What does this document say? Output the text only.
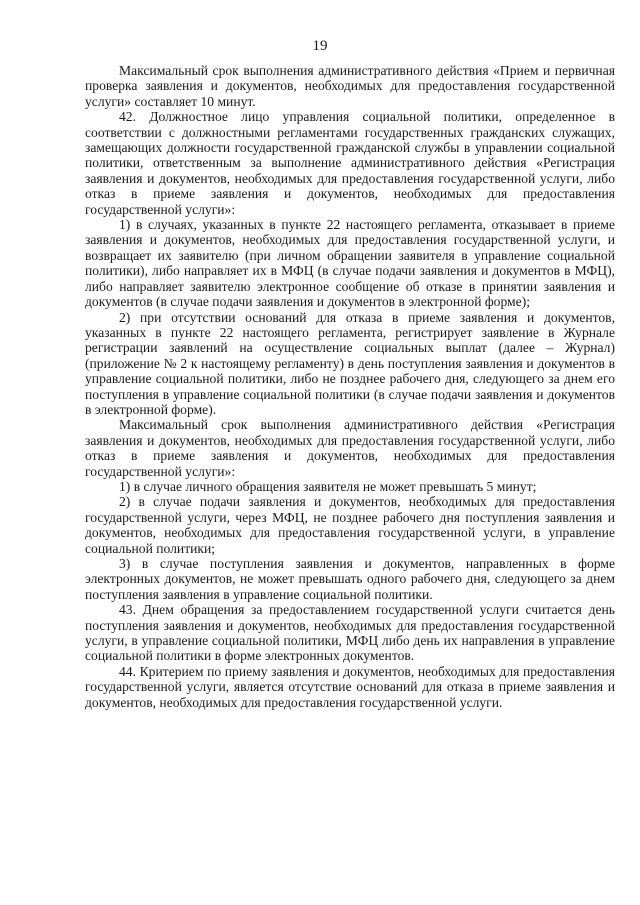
19

Максимальный срок выполнения административного действия «Прием и первичная проверка заявления и документов, необходимых для предоставления государственной услуги» составляет 10 минут.

42. Должностное лицо управления социальной политики, определенное в соответствии с должностными регламентами государственных гражданских служащих, замещающих должности государственной гражданской службы в управлении социальной политики, ответственным за выполнение административного действия «Регистрация заявления и документов, необходимых для предоставления государственной услуги, либо отказ в приеме заявления и документов, необходимых для предоставления государственной услуги»:

1) в случаях, указанных в пункте 22 настоящего регламента, отказывает в приеме заявления и документов, необходимых для предоставления государственной услуги, и возвращает их заявителю (при личном обращении заявителя в управление социальной политики), либо направляет их в МФЦ (в случае подачи заявления и документов в МФЦ), либо направляет заявителю электронное сообщение об отказе в принятии заявления и документов (в случае подачи заявления и документов в электронной форме);

2) при отсутствии оснований для отказа в приеме заявления и документов, указанных в пункте 22 настоящего регламента, регистрирует заявление в Журнале регистрации заявлений на осуществление социальных выплат (далее – Журнал) (приложение № 2 к настоящему регламенту) в день поступления заявления и документов в управление социальной политики, либо не позднее рабочего дня, следующего за днем его поступления в управление социальной политики (в случае подачи заявления и документов в электронной форме).

Максимальный срок выполнения административного действия «Регистрация заявления и документов, необходимых для предоставления государственной услуги, либо отказ в приеме заявления и документов, необходимых для предоставления государственной услуги»:

1) в случае личного обращения заявителя не может превышать 5 минут;

2) в случае подачи заявления и документов, необходимых для предоставления государственной услуги, через МФЦ, не позднее рабочего дня поступления заявления и документов, необходимых для предоставления государственной услуги, в управление социальной политики;

3) в случае поступления заявления и документов, направленных в форме электронных документов, не может превышать одного рабочего дня, следующего за днем поступления заявления в управление социальной политики.

43. Днем обращения за предоставлением государственной услуги считается день поступления заявления и документов, необходимых для предоставления государственной услуги, в управление социальной политики, МФЦ либо день их направления в управление социальной политики в форме электронных документов.

44. Критерием по приему заявления и документов, необходимых для предоставления государственной услуги, является отсутствие оснований для отказа в приеме заявления и документов, необходимых для предоставления государственной услуги.
